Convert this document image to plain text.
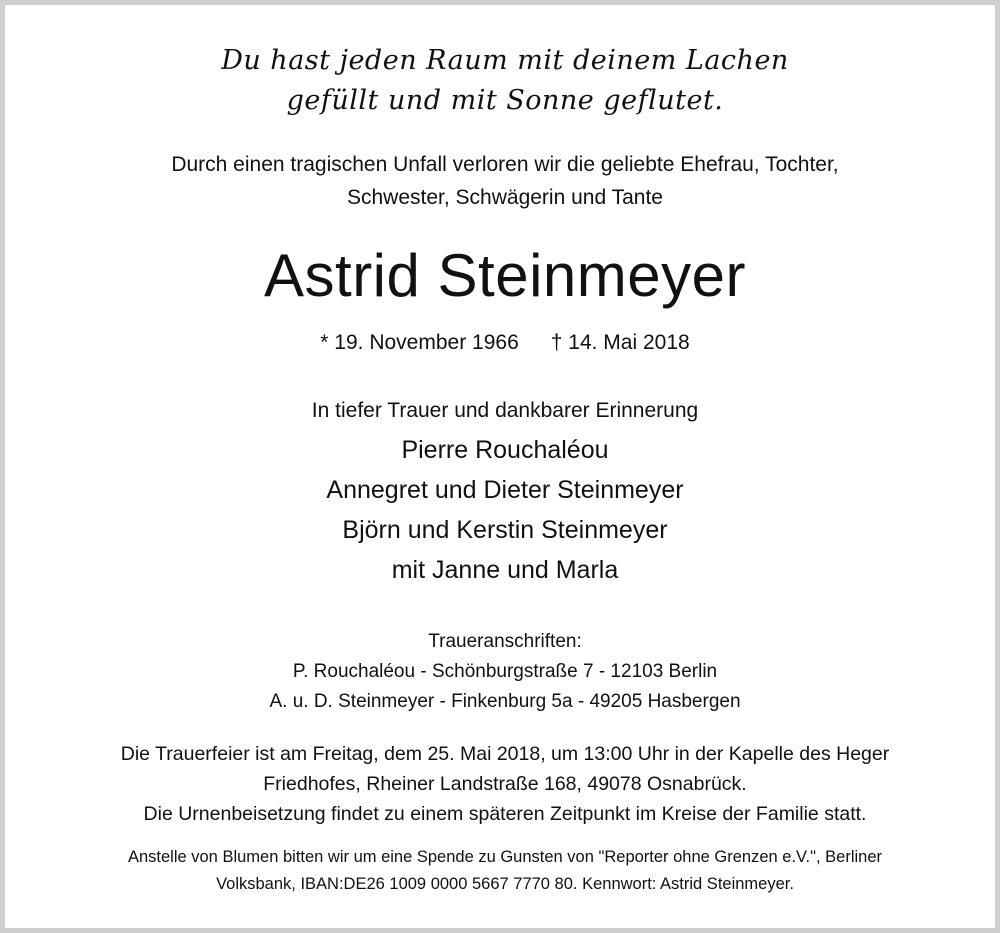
Du hast jeden Raum mit deinem Lachen
gefüllt und mit Sonne geflutet.
Durch einen tragischen Unfall verloren wir die geliebte Ehefrau, Tochter,
Schwester, Schwägerin und Tante
Astrid Steinmeyer
* 19. November 1966 † 14. Mai 2018
In tiefer Trauer und dankbarer Erinnerung
Pierre Rouchaléou
Annegret und Dieter Steinmeyer
Björn und Kerstin Steinmeyer
mit Janne und Marla
Traueranschriften:
P. Rouchaléou - Schönburgstraße 7 - 12103 Berlin
A. u. D. Steinmeyer - Finkenburg 5a - 49205 Hasbergen
Die Trauerfeier ist am Freitag, dem 25. Mai 2018, um 13:00 Uhr in der Kapelle des Heger
Friedhofes, Rheiner Landstraße 168, 49078 Osnabrück.
Die Urnenbeisetzung findet zu einem späteren Zeitpunkt im Kreise der Familie statt.
Anstelle von Blumen bitten wir um eine Spende zu Gunsten von "Reporter ohne Grenzen e.V.", Berliner
Volksbank, IBAN:DE26 1009 0000 5667 7770 80. Kennwort: Astrid Steinmeyer.
